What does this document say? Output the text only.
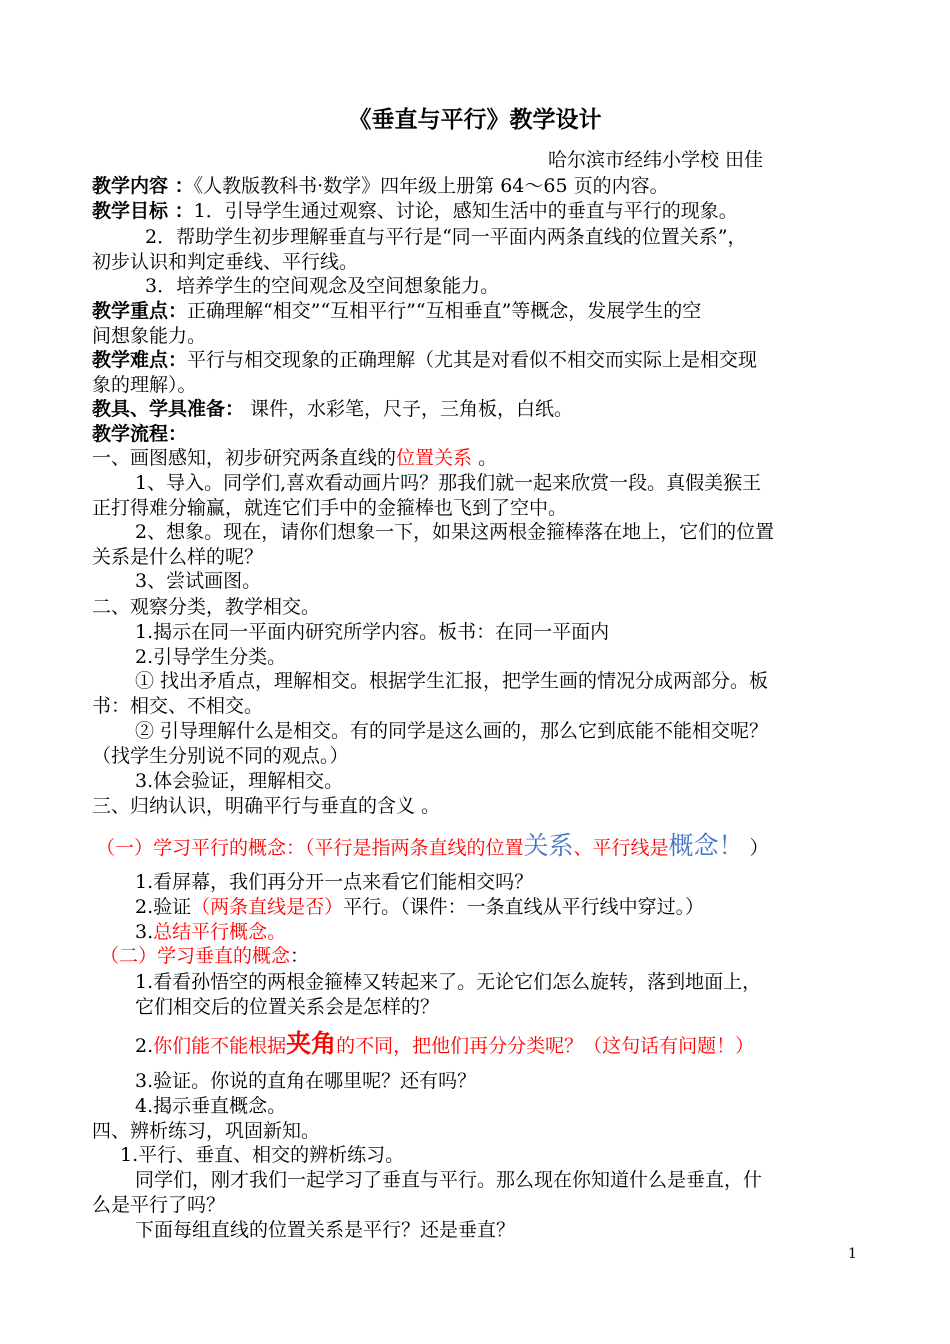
《垂直与平行》教学设计
哈尔滨市经纬小学校 田佳
教学内容 ：《人教版教科书·数学》四年级上册第 64～65 页的内容。
教学目标 ：1．引导学生通过观察、讨论，感知生活中的垂直与平行的现象。
2．帮助学生初步理解垂直与平行是“同一平面内两条直线的位置关系”，
初步认识和判定垂线、平行线。
3．培养学生的空间观念及空间想象能力。
教学重点：正确理解“相交”“互相平行”“互相垂直”等概念，发展学生的空
间想象能力。
教学难点：平行与相交现象的正确理解（尤其是对看似不相交而实际上是相交现
象的理解）。
教具、学具准备： 课件，水彩笔，尺子，三角板，白纸。
教学流程：
一、画图感知，初步研究两条直线的位置关系 。
1、导入。同学们,喜欢看动画片吗？那我们就一起来欣赏一段。真假美猴王
正打得难分输赢，就连它们手中的金箍棒也飞到了空中。
2、想象。现在，请你们想象一下，如果这两根金箍棒落在地上，它们的位置
关系是什么样的呢？
3、尝试画图。
二、观察分类，教学相交。
1.揭示在同一平面内研究所学内容。板书：在同一平面内
2.引导学生分类。
① 找出矛盾点，理解相交。根据学生汇报，把学生画的情况分成两部分。板
书：相交、不相交。
② 引导理解什么是相交。有的同学是这么画的，那么它到底能不能相交呢？
（找学生分别说不同的观点。）
3.体会验证，理解相交。
三、归纳认识，明确平行与垂直的含义 。
（一）学习平行的概念：（平行是指两条直线的位置关系、平行线是概念！ ）
1.看屏幕，我们再分开一点来看它们能相交吗？
2.验证（两条直线是否）平行。（课件：一条直线从平行线中穿过。）
3.总结平行概念。
（二）学习垂直的概念：
1.看看孙悟空的两根金箍棒又转起来了。无论它们怎么旋转，落到地面上，
它们相交后的位置关系会是怎样的？
2.你们能不能根据夹角的不同，把他们再分分类呢？（这句话有问题！）
3.验证。你说的直角在哪里呢？还有吗？
4.揭示垂直概念。
四、辨析练习，巩固新知。
1.平行、垂直、相交的辨析练习。
同学们，刚才我们一起学习了垂直与平行。那么现在你知道什么是垂直，什
么是平行了吗？
下面每组直线的位置关系是平行？还是垂直？
1
